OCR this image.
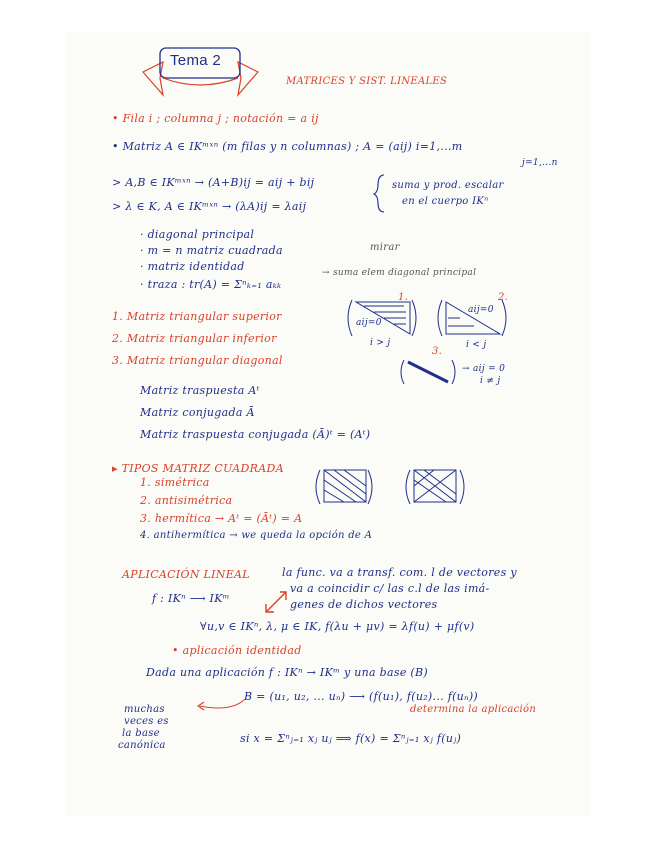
Tema 2
MATRICES Y SIST. LINEALES
• Fila i ; columna j ; notación = a ij
• Matriz A ∈ IKᵐˣⁿ (m filas y n columnas) ; A = (aij) i=1,...m
j=1,...n
> A,B ∈ IKᵐˣⁿ → (A+B)ij = aij + bij
> λ ∈ K, A ∈ IKᵐˣⁿ → (λA)ij = λaij
suma y prod. escalar
en el cuerpo IKⁿ
· diagonal principal
· m = n matriz cuadrada	mirar
· matriz identidad
· traza : tr(A) = Σⁿₖ₌₁ aₖₖ
→ suma elem diagonal principal
1. Matriz triangular superior
2. Matriz triangular inferior
3. Matriz triangular diagonal
1.	2.
3.
aij=0
aij=0
i > j	i < j
→ aij = 0
i ≠ j
Matriz traspuesta Aᵗ
Matriz conjugada Ā
Matriz traspuesta conjugada (Ā)ᵗ = (Aᵗ)
▸ TIPOS MATRIZ CUADRADA
1. simétrica
2. antisimétrica
3. hermítica → Aᵗ = (Āᵗ) = A
4. antihermítica → we queda la opción de A
APLICACIÓN LINEAL	la func. va a transf. com. l de vectores y
va a coincidir c/ las c.l de las imá-
genes de dichos vectores
f : IKⁿ ⟶ IKᵐ
∀u,v ∈ IKⁿ, λ, μ ∈ IK, f(λu + μv) = λf(u) + μf(v)
• aplicación identidad
Dada una aplicación f : IKⁿ → IKᵐ y una base (B)
B = (u₁, u₂, ... uₙ) ⟶ (f(u₁), f(u₂)... f(uₙ))
determina la aplicación
muchas
veces es
la base
canónica
si x = Σⁿⱼ₌₁ xⱼ uⱼ ⟹ f(x) = Σⁿⱼ₌₁ xⱼ f(uⱼ)
